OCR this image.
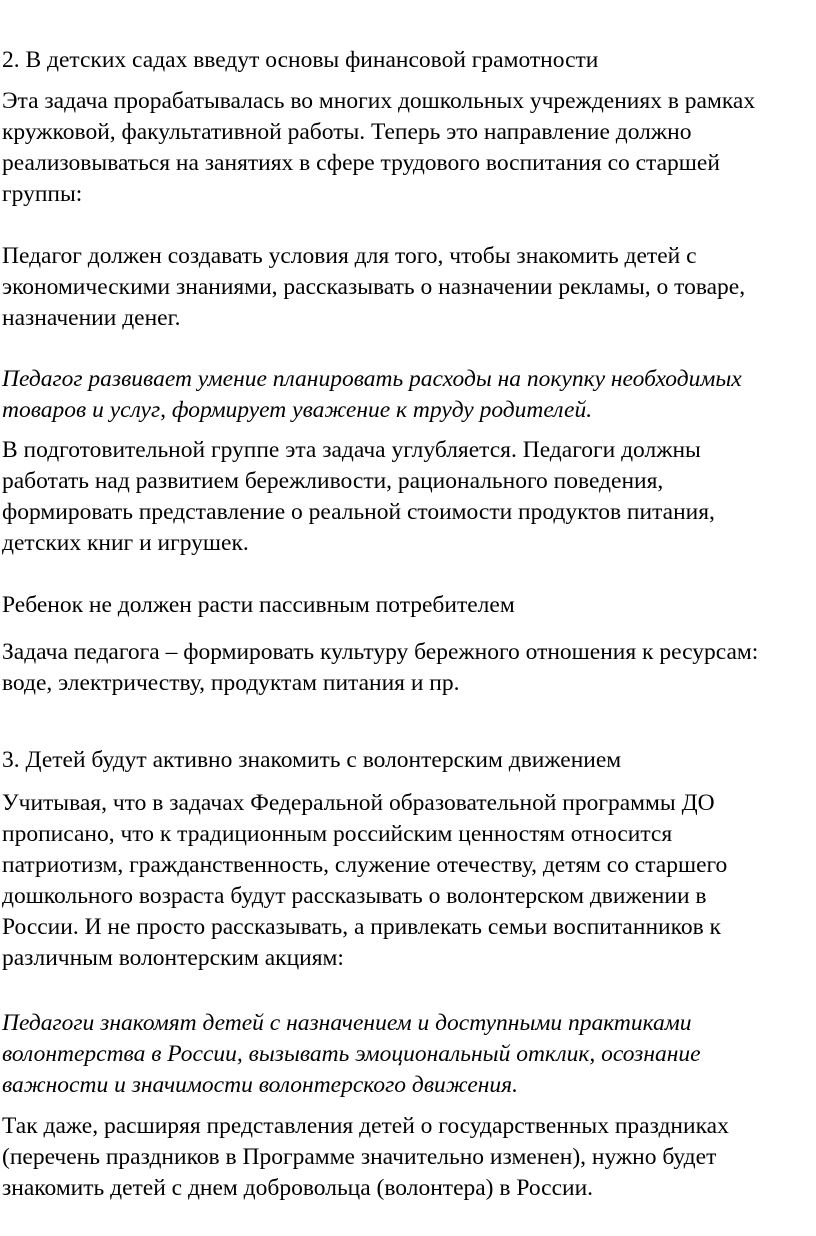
2. В детских садах введут основы финансовой грамотности
Эта задача прорабатывалась во многих дошкольных учреждениях в рамках
кружковой, факультативной работы. Теперь это направление должно
реализовываться на занятиях в сфере трудового воспитания со старшей
группы:
Педагог должен создавать условия для того, чтобы знакомить детей с
экономическими знаниями, рассказывать о назначении рекламы, о товаре,
назначении денег.
Педагог развивает умение планировать расходы на покупку необходимых
товаров и услуг, формирует уважение к труду родителей.
В подготовительной группе эта задача углубляется. Педагоги должны
работать над развитием бережливости, рационального поведения,
формировать представление о реальной стоимости продуктов питания,
детских книг и игрушек.
Ребенок не должен расти пассивным потребителем
Задача педагога – формировать культуру бережного отношения к ресурсам:
воде, электричеству, продуктам питания и пр.
3. Детей будут активно знакомить с волонтерским движением
Учитывая, что в задачах Федеральной образовательной программы ДО
прописано, что к традиционным российским ценностям относится
патриотизм, гражданственность, служение отечеству, детям со старшего
дошкольного возраста будут рассказывать о волонтерском движении в
России. И не просто рассказывать, а привлекать семьи воспитанников к
различным волонтерским акциям:
Педагоги знакомят детей с назначением и доступными практиками
волонтерства в России, вызывать эмоциональный отклик, осознание
важности и значимости волонтерского движения.
Так даже, расширяя представления детей о государственных праздниках
(перечень праздников в Программе значительно изменен), нужно будет
знакомить детей с днем добровольца (волонтера) в России.
